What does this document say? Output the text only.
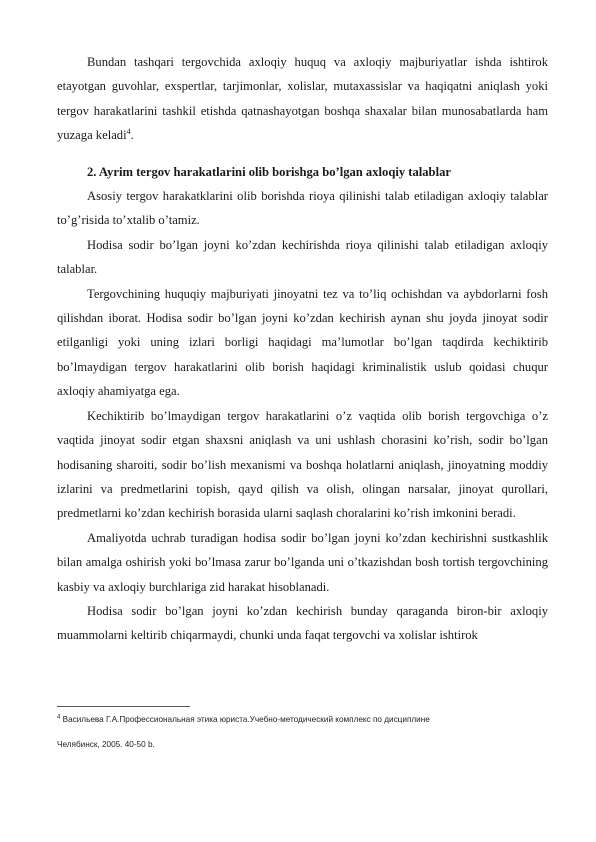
Bundan tashqari tergovchida axloqiy huquq va axloqiy majburiyatlar ishda ishtirok etayotgan guvohlar, exspertlar, tarjimonlar, xolislar, mutaxassislar va haqiqatni aniqlash yoki tergov harakatlarini tashkil etishda qatnashayotgan boshqa shaxalar bilan munosabatlarda ham yuzaga keladi$^4$.

2. Ayrim tergov harakatlarini olib borishga bo’lgan axloqiy talablar

Asosiy tergov harakatklarini olib borishda rioya qilinishi talab etiladigan axloqiy talablar to’g’risida to’xtalib o’tamiz.

Hodisa sodir bo’lgan joyni ko’zdan kechirishda rioya qilinishi talab etiladigan axloqiy talablar.

Tergovchining huquqiy majburiyati jinoyatni tez va to’liq ochishdan va aybdorlarni fosh qilishdan iborat. Hodisa sodir bo’lgan joyni ko’zdan kechirish aynan shu joyda jinoyat sodir etilganligi yoki uning izlari borligi haqidagi ma’lumotlar bo’lgan taqdirda kechiktirib bo’lmaydigan tergov harakatlarini olib borish haqidagi kriminalistik uslub qoidasi chuqur axloqiy ahamiyatga ega.

Kechiktirib bo’lmaydigan tergov harakatlarini o’z vaqtida olib borish tergovchiga o’z vaqtida jinoyat sodir etgan shaxsni aniqlash va uni ushlash chorasini ko’rish, sodir bo’lgan hodisaning sharoiti, sodir bo’lish mexanismi va boshqa holatlarni aniqlash, jinoyatning moddiy izlarini va predmetlarini topish, qayd qilish va olish, olingan narsalar, jinoyat qurollari, predmetlarni ko’zdan kechirish borasida ularni saqlash choralarini ko’rish imkonini beradi.

Amaliyotda uchrab turadigan hodisa sodir bo’lgan joyni ko’zdan kechirishni sustkashlik bilan amalga oshirish yoki bo’lmasa zarur bo’lganda uni o’tkazishdan bosh tortish tergovchining kasbiy va axloqiy burchlariga zid harakat hisoblanadi.

Hodisa sodir bo’lgan joyni ko’zdan kechirish bunday qaraganda biron-bir axloqiy muammolarni keltirib chiqarmaydi, chunki unda faqat tergovchi va xolislar ishtirok

$^4$ Васильева Г.А.Профессиональная этика юриста.Учебно-методический комплекс по дисциплине
Челябинск, 2005. 40-50 b.
